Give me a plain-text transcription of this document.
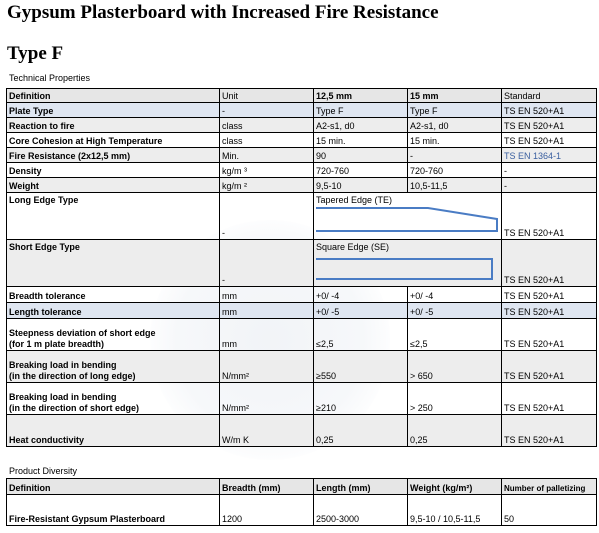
Gypsum Plasterboard with Increased Fire Resistance
Type F
Technical Properties
Definition	Unit	12,5 mm	15 mm	Standard
Plate Type	-	Type F	Type F	TS EN 520+A1
Reaction to fire	class	A2-s1, d0	A2-s1, d0	TS EN 520+A1
Core Cohesion at High Temperature	class	15 min.	15 min.	TS EN 520+A1
Fire Resistance (2x12,5 mm)	Min.	90	-	TS EN 1364-1
Density	kg/m ³	720-760	720-760	-
Weight	kg/m ²	9,5-10	10,5-11,5	-
Long Edge Type	-	Tapered Edge (TE)		TS EN 520+A1
Short Edge Type	-	Square Edge (SE)		TS EN 520+A1
Breadth tolerance	mm	+0/ -4	+0/ -4	TS EN 520+A1
Length tolerance	mm	+0/ -5	+0/ -5	TS EN 520+A1
Steepness deviation of short edge
(for 1 m plate breadth)	mm	≤2,5	≤2,5	TS EN 520+A1
Breaking load in bending
(in the direction of long edge)	N/mm²	≥550	> 650	TS EN 520+A1
Breaking load in bending
(in the direction of short edge)	N/mm²	≥210	> 250	TS EN 520+A1
Heat conductivity	W/m K	0,25	0,25	TS EN 520+A1
Product Diversity
Definition	Breadth (mm)	Length (mm)	Weight (kg/m²)	Number of palletizing
Fire-Resistant Gypsum Plasterboard	1200	2500-3000	9,5-10 / 10,5-11,5	50
